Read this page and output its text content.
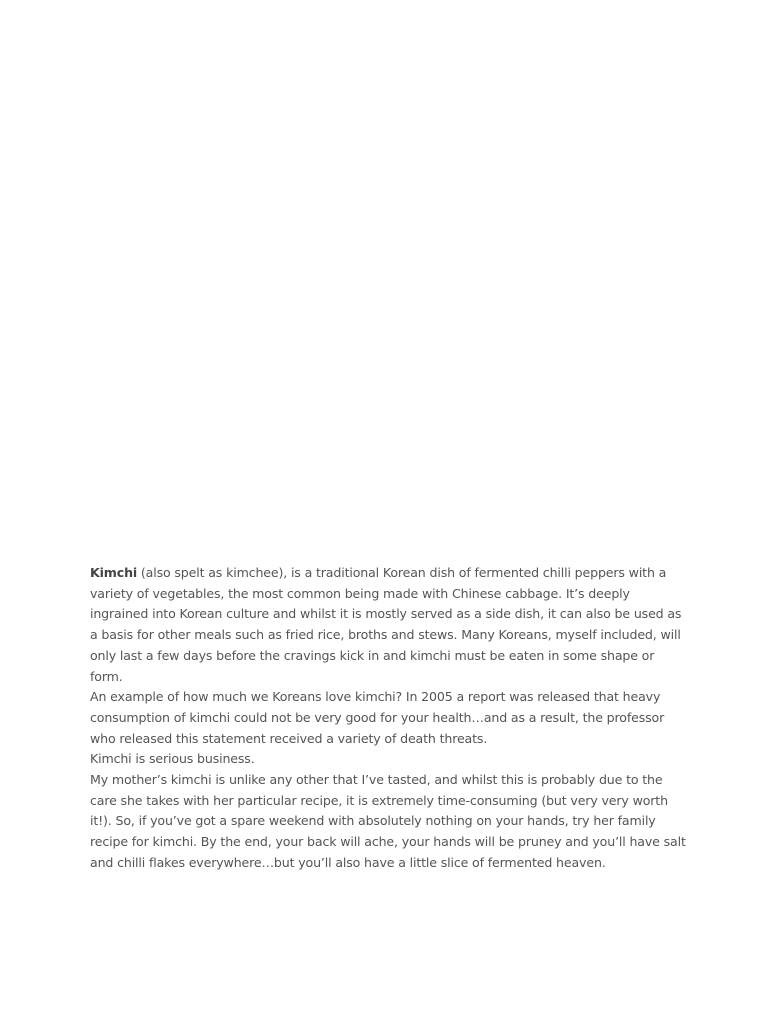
Kimchi (also spelt as kimchee), is a traditional Korean dish of fermented chilli peppers with a variety of vegetables, the most common being made with Chinese cabbage. It’s deeply ingrained into Korean culture and whilst it is mostly served as a side dish, it can also be used as a basis for other meals such as fried rice, broths and stews. Many Koreans, myself included, will only last a few days before the cravings kick in and kimchi must be eaten in some shape or form.

An example of how much we Koreans love kimchi? In 2005 a report was released that heavy consumption of kimchi could not be very good for your health…and as a result, the professor who released this statement received a variety of death threats.

Kimchi is serious business.

My mother’s kimchi is unlike any other that I’ve tasted, and whilst this is probably due to the care she takes with her particular recipe, it is extremely time-consuming (but very very worth it!). So, if you’ve got a spare weekend with absolutely nothing on your hands, try her family recipe for kimchi. By the end, your back will ache, your hands will be pruney and you’ll have salt and chilli flakes everywhere…but you’ll also have a little slice of fermented heaven.
